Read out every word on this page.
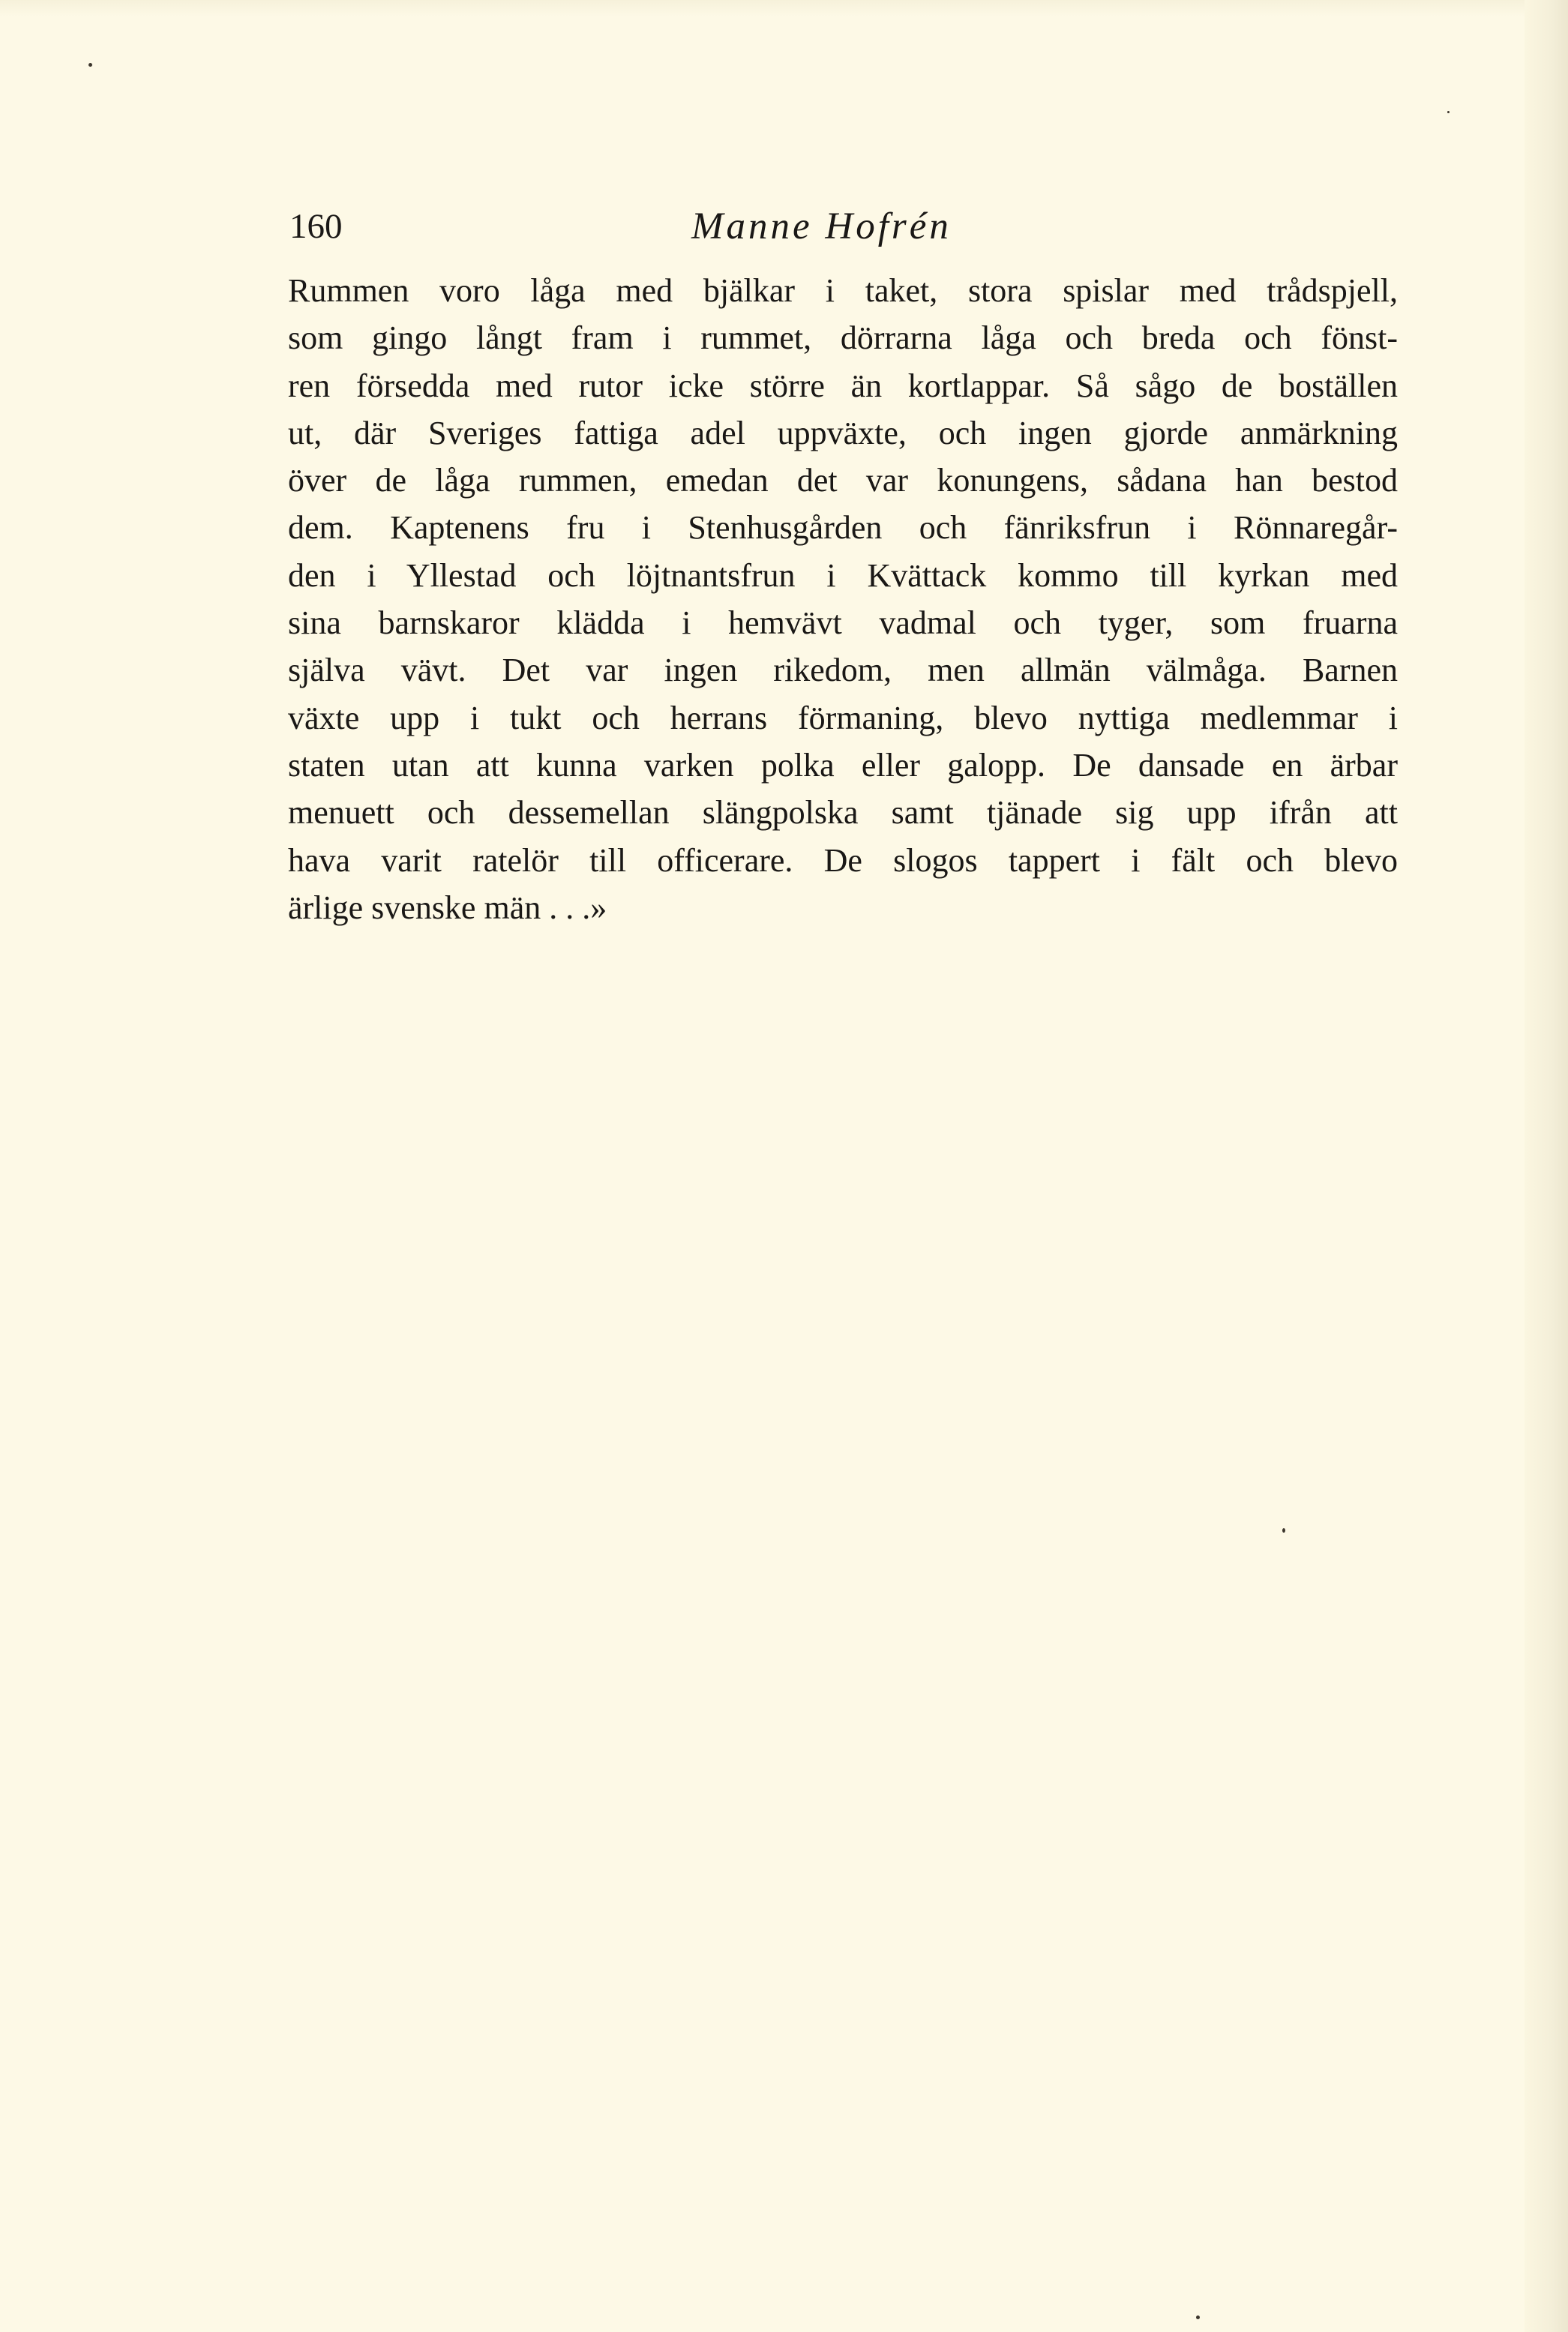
160	Manne Hofrén
Rummen voro låga med bjälkar i taket, stora spislar med trådspjell,
som gingo långt fram i rummet, dörrarna låga och breda och fönst-
ren försedda med rutor icke större än kortlappar. Så sågo de boställen
ut, där Sveriges fattiga adel uppväxte, och ingen gjorde anmärkning
över de låga rummen, emedan det var konungens, sådana han bestod
dem. Kaptenens fru i Stenhusgården och fänriksfrun i Rönnaregår-
den i Yllestad och löjtnantsfrun i Kvättack kommo till kyrkan med
sina barnskaror klädda i hemvävt vadmal och tyger, som fruarna
själva vävt. Det var ingen rikedom, men allmän välmåga. Barnen
växte upp i tukt och herrans förmaning, blevo nyttiga medlemmar i
staten utan att kunna varken polka eller galopp. De dansade en ärbar
menuett och dessemellan slängpolska samt tjänade sig upp ifrån att
hava varit ratelör till officerare. De slogos tappert i fält och blevo
ärlige svenske män . . .»
